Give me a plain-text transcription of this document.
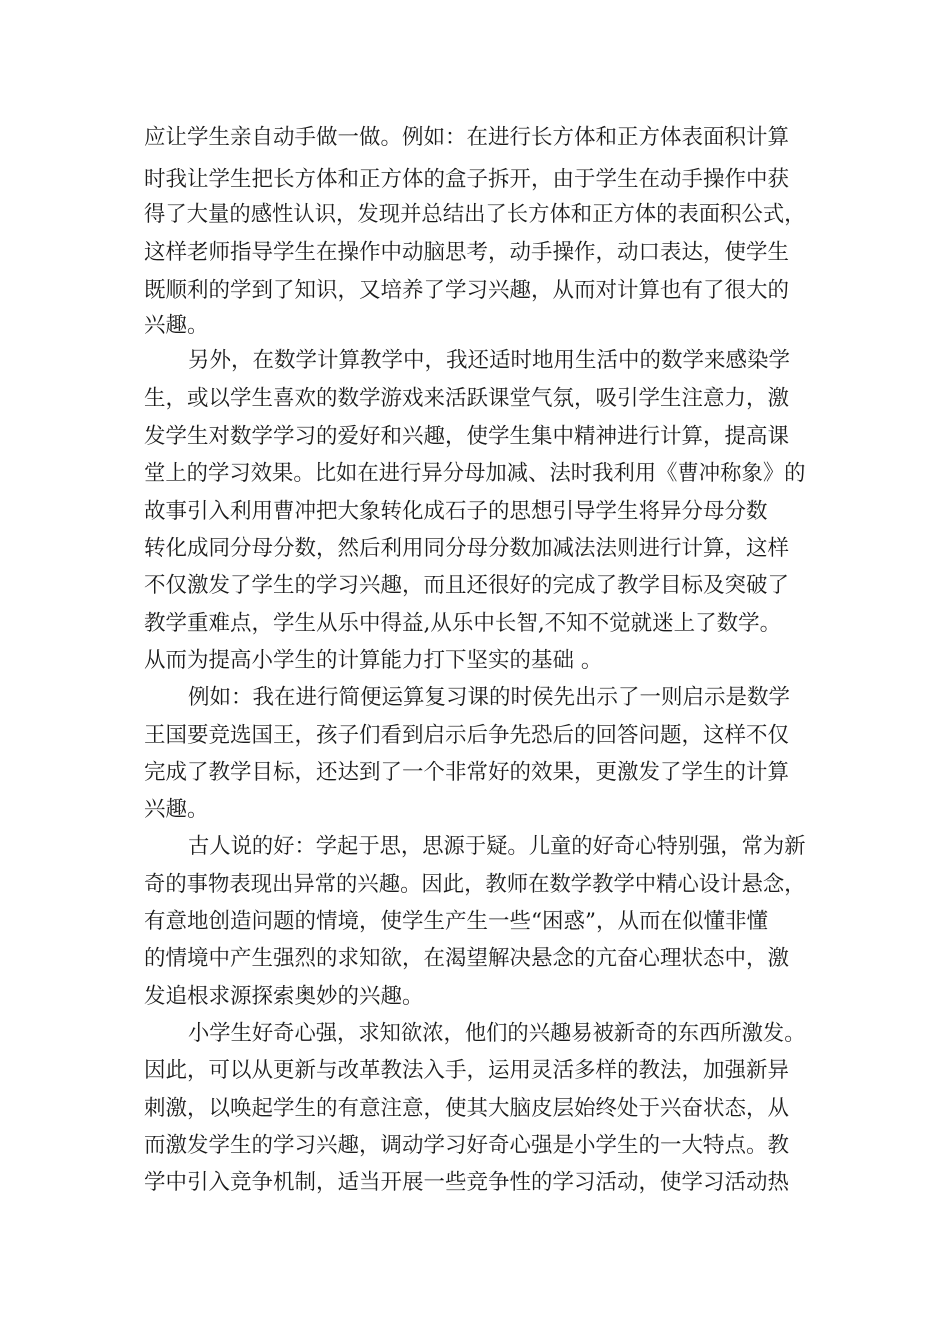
应让学生亲自动手做一做。例如：在进行长方体和正方体表面积计算
时我让学生把长方体和正方体的盒子拆开，由于学生在动手操作中获
得了大量的感性认识，发现并总结出了长方体和正方体的表面积公式，
这样老师指导学生在操作中动脑思考，动手操作，动口表达，使学生
既顺利的学到了知识，又培养了学习兴趣，从而对计算也有了很大的
兴趣。
另外，在数学计算教学中，我还适时地用生活中的数学来感染学
生，或以学生喜欢的数学游戏来活跃课堂气氛，吸引学生注意力，激
发学生对数学学习的爱好和兴趣，使学生集中精神进行计算，提高课
堂上的学习效果。比如在进行异分母加减、法时我利用《曹冲称象》的
故事引入利用曹冲把大象转化成石子的思想引导学生将异分母分数
转化成同分母分数，然后利用同分母分数加减法法则进行计算，这样
不仅激发了学生的学习兴趣，而且还很好的完成了教学目标及突破了
教学重难点，学生从乐中得益,从乐中长智,不知不觉就迷上了数学。
从而为提高小学生的计算能力打下坚实的基础 。
例如：我在进行简便运算复习课的时侯先出示了一则启示是数学
王国要竞选国王，孩子们看到启示后争先恐后的回答问题，这样不仅
完成了教学目标，还达到了一个非常好的效果，更激发了学生的计算
兴趣。
古人说的好：学起于思，思源于疑。儿童的好奇心特别强，常为新
奇的事物表现出异常的兴趣。因此，教师在数学教学中精心设计悬念，
有意地创造问题的情境，使学生产生一些“困惑”，从而在似懂非懂
的情境中产生强烈的求知欲，在渴望解决悬念的亢奋心理状态中，激
发追根求源探索奥妙的兴趣。
小学生好奇心强，求知欲浓，他们的兴趣易被新奇的东西所激发。
因此，可以从更新与改革教法入手，运用灵活多样的教法，加强新异
刺激，以唤起学生的有意注意，使其大脑皮层始终处于兴奋状态，从
而激发学生的学习兴趣，调动学习好奇心强是小学生的一大特点。教
学中引入竞争机制，适当开展一些竞争性的学习活动，使学习活动热
